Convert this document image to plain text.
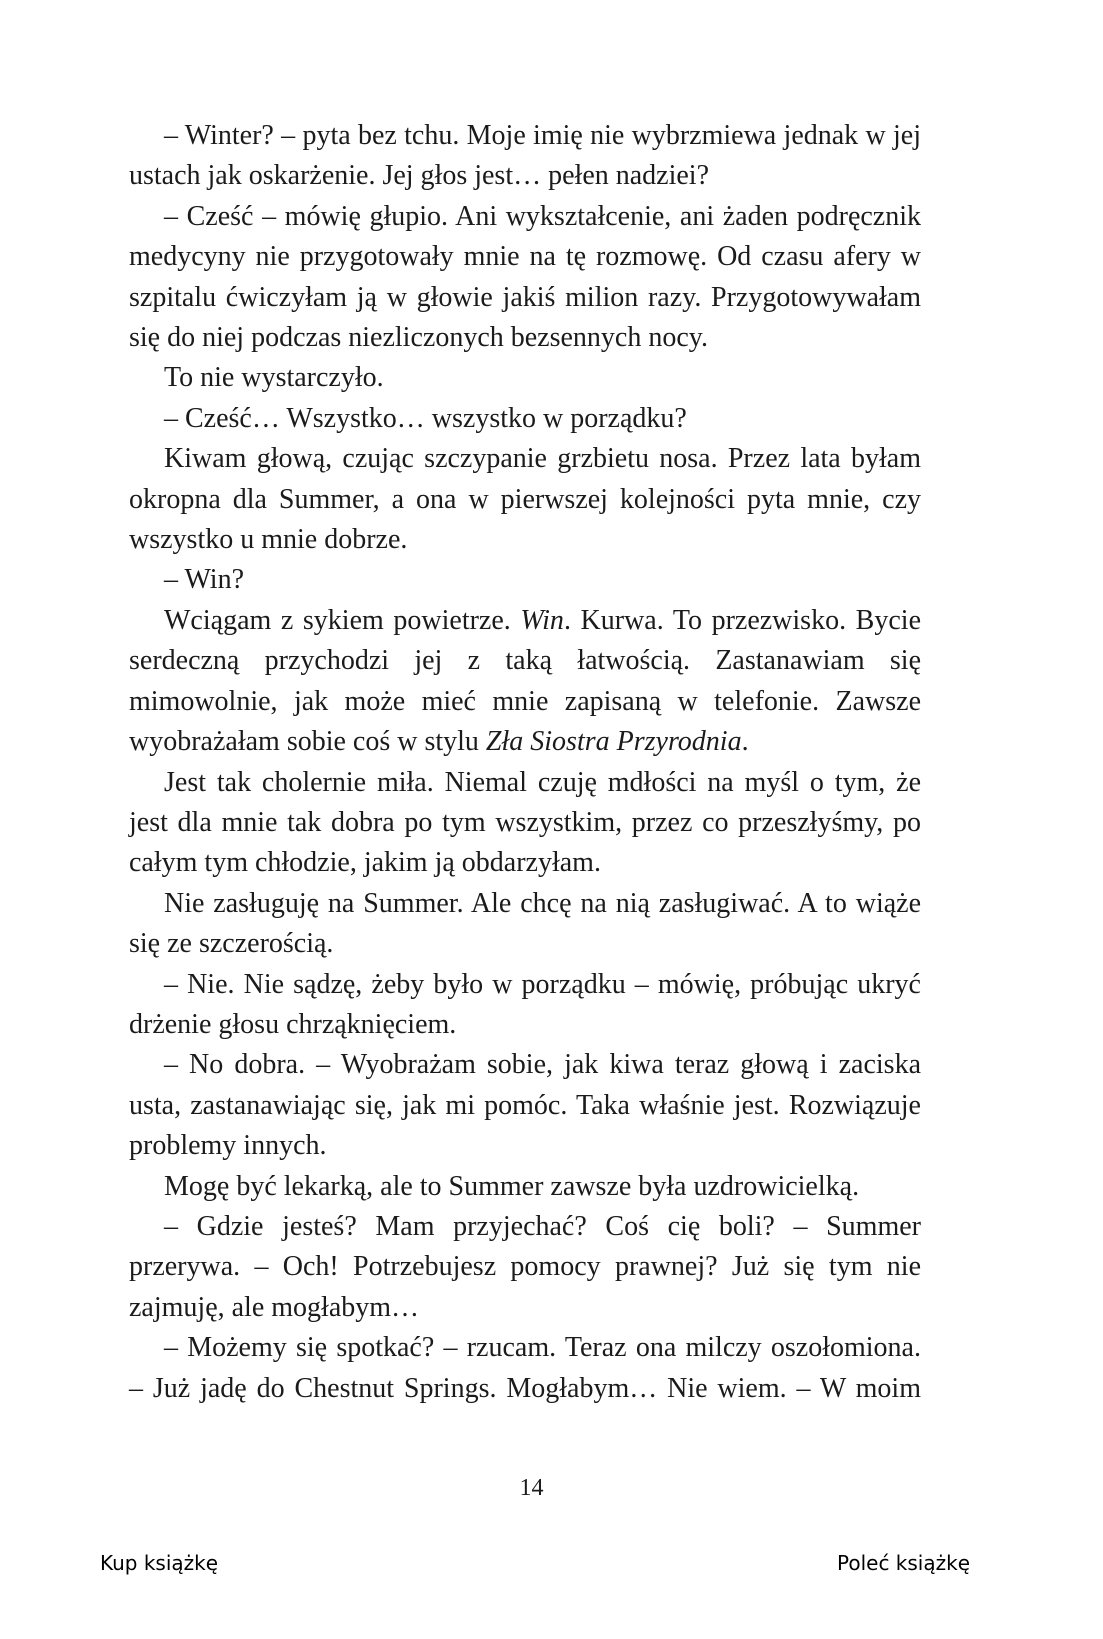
– Winter? – pyta bez tchu. Moje imię nie wybrzmiewa jednak w jej ustach jak oskarżenie. Jej głos jest… pełen nadziei?

– Cześć – mówię głupio. Ani wykształcenie, ani żaden podręcznik medycyny nie przygotowały mnie na tę rozmowę. Od czasu afery w szpitalu ćwiczyłam ją w głowie jakiś milion razy. Przygotowywałam się do niej podczas niezliczonych bezsennych nocy.

To nie wystarczyło.

– Cześć… Wszystko… wszystko w porządku?

Kiwam głową, czując szczypanie grzbietu nosa. Przez lata byłam okropna dla Summer, a ona w pierwszej kolejności pyta mnie, czy wszystko u mnie dobrze.

– Win?

Wciągam z sykiem powietrze. Win. Kurwa. To przezwisko. Bycie serdeczną przychodzi jej z taką łatwością. Zastanawiam się mimowolnie, jak może mieć mnie zapisaną w telefonie. Zawsze wyobrażałam sobie coś w stylu Zła Siostra Przyrodnia.

Jest tak cholernie miła. Niemal czuję mdłości na myśl o tym, że jest dla mnie tak dobra po tym wszystkim, przez co przeszłyśmy, po całym tym chłodzie, jakim ją obdarzyłam.

Nie zasługuję na Summer. Ale chcę na nią zasługiwać. A to wiąże się ze szczerością.

– Nie. Nie sądzę, żeby było w porządku – mówię, próbując ukryć drżenie głosu chrząknięciem.

– No dobra. – Wyobrażam sobie, jak kiwa teraz głową i zaciska usta, zastanawiając się, jak mi pomóc. Taka właśnie jest. Rozwiązuje problemy innych.

Mogę być lekarką, ale to Summer zawsze była uzdrowicielką.

– Gdzie jesteś? Mam przyjechać? Coś cię boli? – Summer przerywa. – Och! Potrzebujesz pomocy prawnej? Już się tym nie zajmuję, ale mogłabym…

– Możemy się spotkać? – rzucam. Teraz ona milczy oszołomiona. – Już jadę do Chestnut Springs. Mogłabym… Nie wiem. – W moim

14
Kup książkę	Poleć książkę
